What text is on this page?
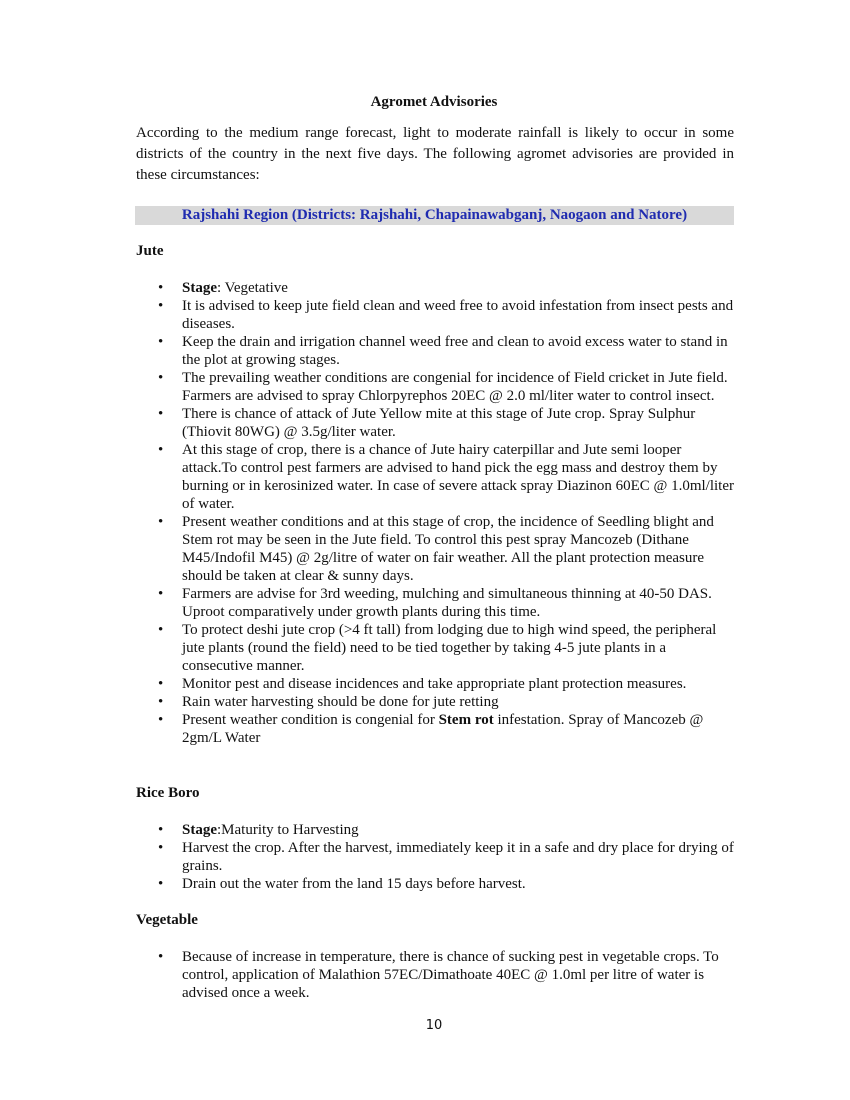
Agromet Advisories
According to the medium range forecast, light to moderate rainfall is likely to occur in some districts of the country in the next five days. The following agromet advisories are provided in these circumstances:
Rajshahi Region (Districts: Rajshahi, Chapainawabganj, Naogaon and Natore)
Jute
• Stage: Vegetative
• It is advised to keep jute field clean and weed free to avoid infestation from insect pests and diseases.
• Keep the drain and irrigation channel weed free and clean to avoid excess water to stand in the plot at growing stages.
• The prevailing weather conditions are congenial for incidence of Field cricket in Jute field. Farmers are advised to spray Chlorpyrephos 20EC @ 2.0 ml/liter water to control insect.
• There is chance of attack of Jute Yellow mite at this stage of Jute crop. Spray Sulphur (Thiovit 80WG) @ 3.5g/liter water.
• At this stage of crop, there is a chance of Jute hairy caterpillar and Jute semi looper attack.To control pest farmers are advised to hand pick the egg mass and destroy them by burning or in kerosinized water. In case of severe attack spray Diazinon 60EC @ 1.0ml/liter of water.
• Present weather conditions and at this stage of crop, the incidence of Seedling blight and Stem rot may be seen in the Jute field. To control this pest spray Mancozeb (Dithane M45/Indofil M45) @ 2g/litre of water on fair weather. All the plant protection measure should be taken at clear & sunny days.
• Farmers are advise for 3rd weeding, mulching and simultaneous thinning at 40-50 DAS. Uproot comparatively under growth plants during this time.
• To protect deshi jute crop (>4 ft tall) from lodging due to high wind speed, the peripheral jute plants (round the field) need to be tied together by taking 4-5 jute plants in a consecutive manner.
• Monitor pest and disease incidences and take appropriate plant protection measures.
• Rain water harvesting should be done for jute retting
• Present weather condition is congenial for Stem rot infestation. Spray of Mancozeb @ 2gm/L Water
Rice Boro
• Stage:Maturity to Harvesting
• Harvest the crop. After the harvest, immediately keep it in a safe and dry place for drying of grains.
• Drain out the water from the land 15 days before harvest.
Vegetable
• Because of increase in temperature, there is chance of sucking pest in vegetable crops. To control, application of Malathion 57EC/Dimathoate 40EC @ 1.0ml per litre of water is advised once a week.
10
